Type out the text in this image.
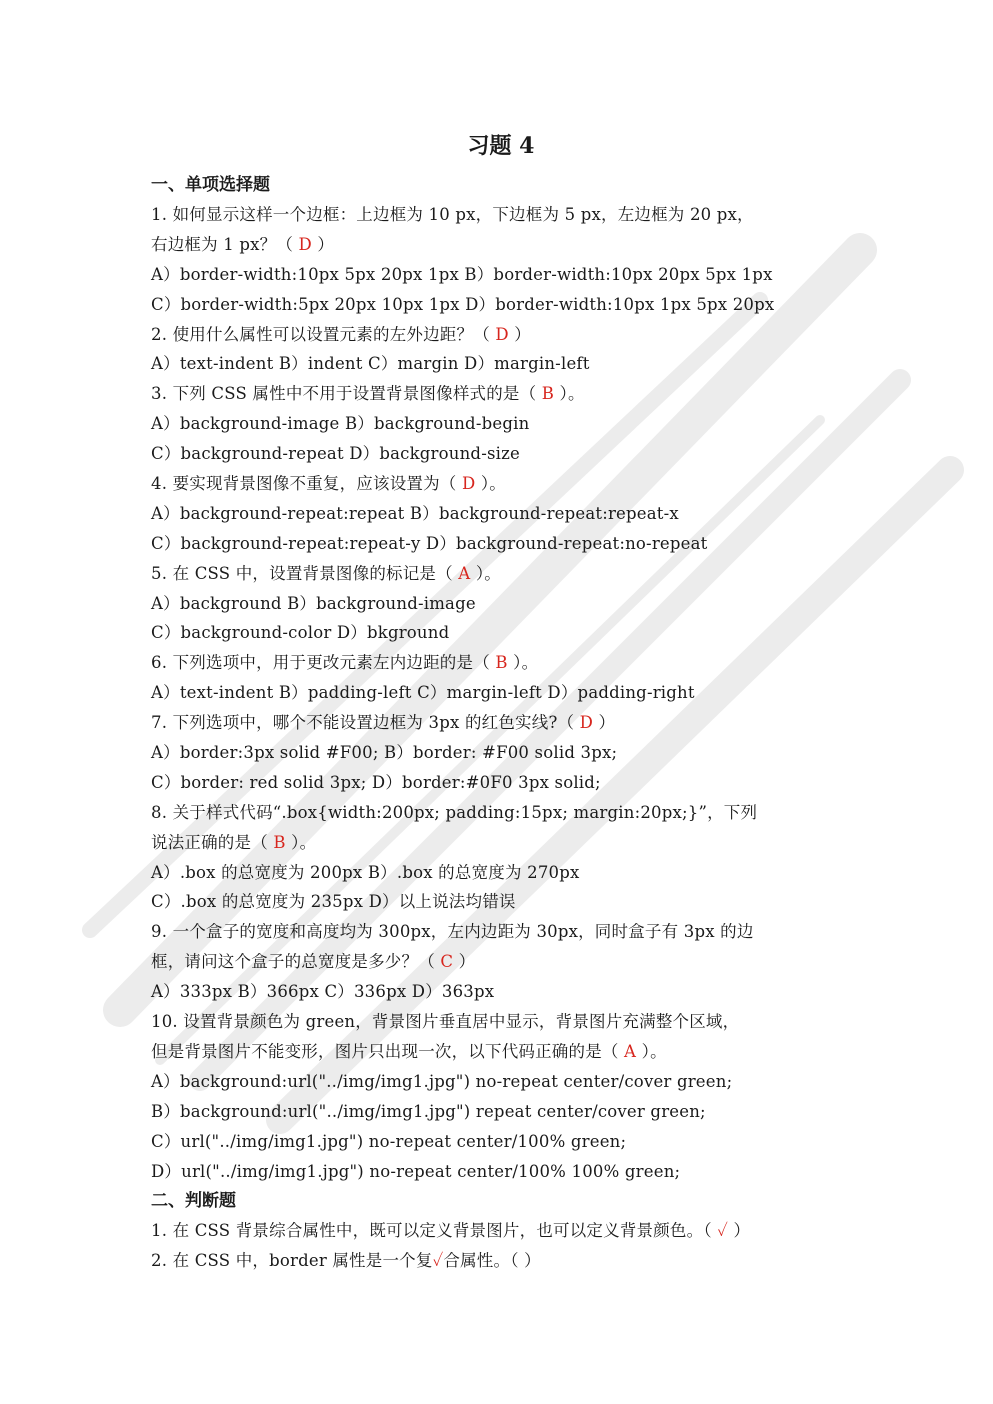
习题 4
一、单项选择题
1. 如何显示这样一个边框：上边框为 10 px，下边框为 5 px，左边框为 20 px，
右边框为 1 px？（ D ）
A）border-width:10px 5px 20px 1px B）border-width:10px 20px 5px 1px
C）border-width:5px 20px 10px 1px D）border-width:10px 1px 5px 20px
2. 使用什么属性可以设置元素的左外边距？（ D ）
A）text-indent B）indent C）margin D）margin-left
3. 下列 CSS 属性中不用于设置背景图像样式的是（ B ）。
A）background-image B）background-begin
C）background-repeat D）background-size
4. 要实现背景图像不重复，应该设置为（ D ）。
A）background-repeat:repeat B）background-repeat:repeat-x
C）background-repeat:repeat-y D）background-repeat:no-repeat
5. 在 CSS 中，设置背景图像的标记是（ A ）。
A）background B）background-image
C）background-color D）bkground
6. 下列选项中，用于更改元素左内边距的是（ B ）。
A）text-indent B）padding-left C）margin-left D）padding-right
7. 下列选项中，哪个不能设置边框为 3px 的红色实线?（ D ）
A）border:3px solid #F00; B）border: #F00 solid 3px;
C）border: red solid 3px; D）border:#0F0 3px solid;
8. 关于样式代码“.box{width:200px; padding:15px; margin:20px;}”，下列
说法正确的是（ B ）。
A）.box 的总宽度为 200px B）.box 的总宽度为 270px
C）.box 的总宽度为 235px D）以上说法均错误
9. 一个盒子的宽度和高度均为 300px，左内边距为 30px，同时盒子有 3px 的边
框，请问这个盒子的总宽度是多少？（ C ）
A）333px B）366px C）336px D）363px
10. 设置背景颜色为 green，背景图片垂直居中显示，背景图片充满整个区域，
但是背景图片不能变形，图片只出现一次，以下代码正确的是（ A ）。
A）background:url("../img/img1.jpg") no-repeat center/cover green;
B）background:url("../img/img1.jpg") repeat center/cover green;
C）url("../img/img1.jpg") no-repeat center/100% green;
D）url("../img/img1.jpg") no-repeat center/100% 100% green;
二、判断题
1. 在 CSS 背景综合属性中，既可以定义背景图片，也可以定义背景颜色。（ ✓ ）
2. 在 CSS 中，border 属性是一个复✓合属性。（ ）
